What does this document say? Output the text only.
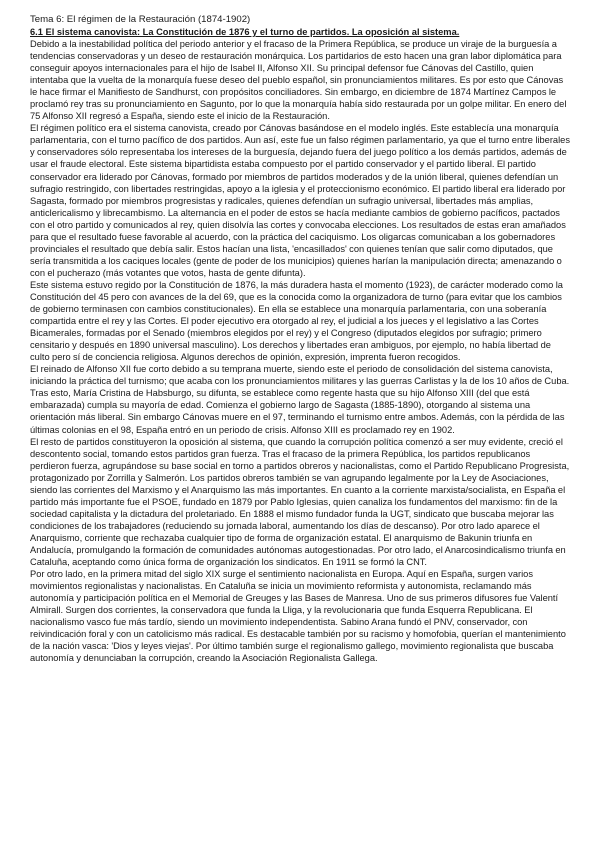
Tema 6: El régimen de la Restauración (1874-1902)
6.1 El sistema canovista: La Constitución de 1876 y el turno de partidos. La oposición al sistema.

Debido a la inestabilidad política del periodo anterior y el fracaso de la Primera República, se produce un viraje de la burguesía a tendencias conservadoras y un deseo de restauración monárquica. Los partidarios de esto hacen una gran labor diplomática para conseguir apoyos internacionales para el hijo de Isabel II, Alfonso XII. Su principal defensor fue Cánovas del Castillo, quien intentaba que la vuelta de la monarquía fuese deseo del pueblo español, sin pronunciamientos militares. Es por esto que Cánovas le hace firmar el Manifiesto de Sandhurst, con propósitos conciliadores. Sin embargo, en diciembre de 1874 Martínez Campos le proclamó rey tras su pronunciamiento en Sagunto, por lo que la monarquía había sido restaurada por un golpe militar. En enero del 75 Alfonso XII regresó a España, siendo este el inicio de la Restauración.

El régimen político era el sistema canovista, creado por Cánovas basándose en el modelo inglés. Este establecía una monarquía parlamentaria, con el turno pacífico de dos partidos. Aun así, este fue un falso régimen parlamentario, ya que el turno entre liberales y conservadores sólo representaba los intereses de la burguesía, dejando fuera del juego político a los demás partidos, además de usar el fraude electoral. Este sistema bipartidista estaba compuesto por el partido conservador y el partido liberal. El partido conservador era liderado por Cánovas, formado por miembros de partidos moderados y de la unión liberal, quienes defendían un sufragio restringido, con libertades restringidas, apoyo a la iglesia y el proteccionismo económico. El partido liberal era liderado por Sagasta, formado por miembros progresistas y radicales, quienes defendían un sufragio universal, libertades más amplias, anticlericalismo y librecambismo. La alternancia en el poder de estos se hacía mediante cambios de gobierno pacíficos, pactados con el otro partido y comunicados al rey, quien disolvía las cortes y convocaba elecciones. Los resultados de estas eran amañados para que el resultado fuese favorable al acuerdo, con la práctica del caciquismo. Los oligarcas comunicaban a los gobernadores provinciales el resultado que debía salir. Estos hacían una lista, 'encasillados' con quienes tenían que salir como diputados, que sería transmitida a los caciques locales (gente de poder de los municipios) quienes harían la manipulación directa; amenazando o con el pucherazo (más votantes que votos, hasta de gente difunta).

Este sistema estuvo regido por la Constitución de 1876, la más duradera hasta el momento (1923), de carácter moderado como la Constitución del 45 pero con avances de la del 69, que es la conocida como la organizadora de turno (para evitar que los cambios de gobierno terminasen con cambios constitucionales). En ella se establece una monarquía parlamentaria, con una soberanía compartida entre el rey y las Cortes. El poder ejecutivo era otorgado al rey, el judicial a los jueces y el legislativo a las Cortes Bicamerales, formadas por el Senado (miembros elegidos por el rey) y el Congreso (diputados elegidos por sufragio; primero censitario y después en 1890 universal masculino). Los derechos y libertades eran ambiguos, por ejemplo, no había libertad de culto pero sí de conciencia religiosa. Algunos derechos de opinión, expresión, imprenta fueron recogidos.

El reinado de Alfonso XII fue corto debido a su temprana muerte, siendo este el periodo de consolidación del sistema canovista, iniciando la práctica del turnismo; que acaba con los pronunciamientos militares y las guerras Carlistas y la de los 10 años de Cuba. Tras esto, María Cristina de Habsburgo, su difunta, se establece como regente hasta que su hijo Alfonso XIII (del que está embarazada) cumpla su mayoría de edad. Comienza el gobierno largo de Sagasta (1885-1890), otorgando al sistema una orientación más liberal. Sin embargo Cánovas muere en el 97, terminando el turnismo entre ambos. Además, con la pérdida de las últimas colonias en el 98, España entró en un periodo de crisis. Alfonso XIII es proclamado rey en 1902.

El resto de partidos constituyeron la oposición al sistema, que cuando la corrupción política comenzó a ser muy evidente, creció el descontento social, tomando estos partidos gran fuerza. Tras el fracaso de la primera República, los partidos republicanos perdieron fuerza, agrupándose su base social en torno a partidos obreros y nacionalistas, como el Partido Republicano Progresista, protagonizado por Zorrilla y Salmerón. Los partidos obreros también se van agrupando legalmente por la Ley de Asociaciones, siendo las corrientes del Marxismo y el Anarquismo las más importantes. En cuanto a la corriente marxista/socialista, en España el partido más importante fue el PSOE, fundado en 1879 por Pablo Iglesias, quien canaliza los fundamentos del marxismo: fin de la sociedad capitalista y la dictadura del proletariado. En 1888 el mismo fundador funda la UGT, sindicato que buscaba mejorar las condiciones de los trabajadores (reduciendo su jornada laboral, aumentando los días de descanso). Por otro lado aparece el Anarquismo, corriente que rechazaba cualquier tipo de forma de organización estatal. El anarquismo de Bakunin triunfa en Andalucía, promulgando la formación de comunidades autónomas autogestionadas. Por otro lado, el Anarcosindicalismo triunfa en Cataluña, aceptando como única forma de organización los sindicatos. En 1911 se formó la CNT.

Por otro lado, en la primera mitad del siglo XIX surge el sentimiento nacionalista en Europa. Aquí en España, surgen varios movimientos regionalistas y nacionalistas. En Cataluña se inicia un movimiento reformista y autonomista, reclamando más autonomía y participación política en el Memorial de Greuges y las Bases de Manresa. Uno de sus primeros difusores fue Valentí Almirall. Surgen dos corrientes, la conservadora que funda la Lliga, y la revolucionaria que funda Esquerra Republicana. El nacionalismo vasco fue más tardío, siendo un movimiento independentista. Sabino Arana fundó el PNV, conservador, con reivindicación foral y con un catolicismo más radical. Es destacable también por su racismo y homofobia, querían el mantenimiento de la nación vasca: 'Dios y leyes viejas'. Por último también surge el regionalismo gallego, movimiento regionalista que buscaba autonomía y denunciaban la corrupción, creando la Asociación Regionalista Gallega.
